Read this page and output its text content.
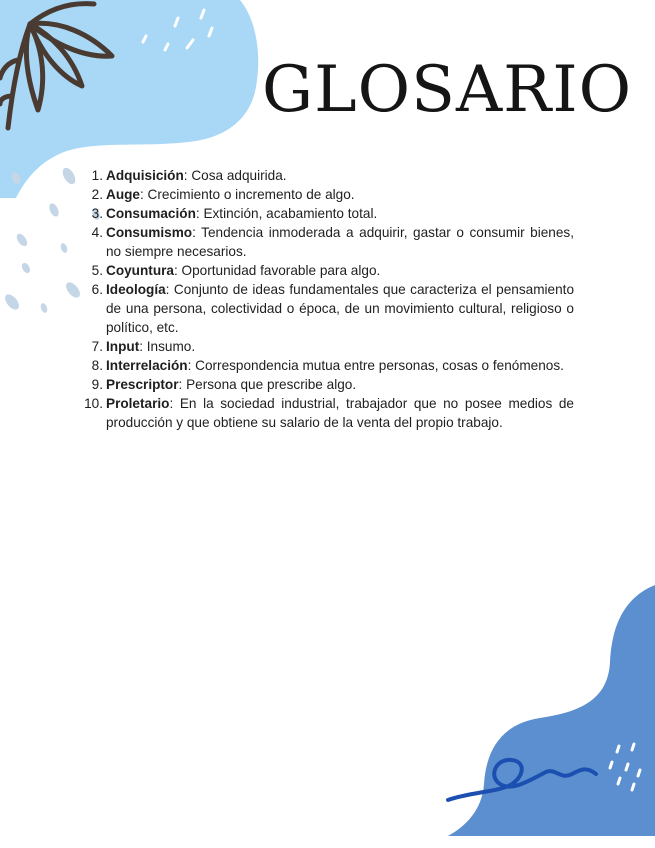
GLOSARIO
1. Adquisición: Cosa adquirida.
2. Auge: Crecimiento o incremento de algo.
3. Consumación: Extinción, acabamiento total.
4. Consumismo: Tendencia inmoderada a adquirir, gastar o consumir bienes, no siempre necesarios.
5. Coyuntura: Oportunidad favorable para algo.
6. Ideología: Conjunto de ideas fundamentales que caracteriza el pensamiento de una persona, colectividad o época, de un movimiento cultural, religioso o político, etc.
7. Input: Insumo.
8. Interrelación: Correspondencia mutua entre personas, cosas o fenómenos.
9. Prescriptor: Persona que prescribe algo.
10. Proletario: En la sociedad industrial, trabajador que no posee medios de producción y que obtiene su salario de la venta del propio trabajo.
